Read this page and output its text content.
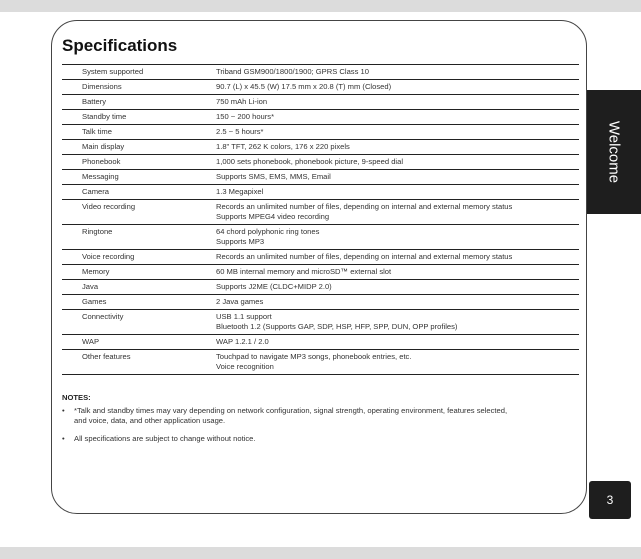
Specifications
System supported	Triband GSM900/1800/1900; GPRS Class 10
Dimensions	90.7 (L) x 45.5 (W) 17.5 mm x 20.8 (T) mm (Closed)
Battery	750 mAh Li-ion
Standby time	150 ~ 200 hours*
Talk time	2.5 ~ 5 hours*
Main display	1.8" TFT, 262 K colors, 176 x 220 pixels
Phonebook	1,000 sets phonebook, phonebook picture, 9-speed dial
Messaging	Supports SMS, EMS, MMS, Email
Camera	1.3 Megapixel
Video recording	Records an unlimited number of files, depending on internal and external memory status
Supports MPEG4 video recording
Ringtone	64 chord polyphonic ring tones
Supports MP3
Voice recording	Records an unlimited number of files, depending on internal and external memory status
Memory	60 MB internal memory and microSD™ external slot
Java	Supports J2ME (CLDC+MIDP 2.0)
Games	2 Java games
Connectivity	USB 1.1 support
Bluetooth 1.2 (Supports GAP, SDP, HSP, HFP, SPP, DUN, OPP profiles)
WAP	WAP 1.2.1 / 2.0
Other features	Touchpad to navigate MP3 songs, phonebook entries, etc.
Voice recognition
NOTES:
• *Talk and standby times may vary depending on network configuration, signal strength, operating environment, features selected,
and voice, data, and other application usage.
• All specifications are subject to change without notice.
Welcome
3
